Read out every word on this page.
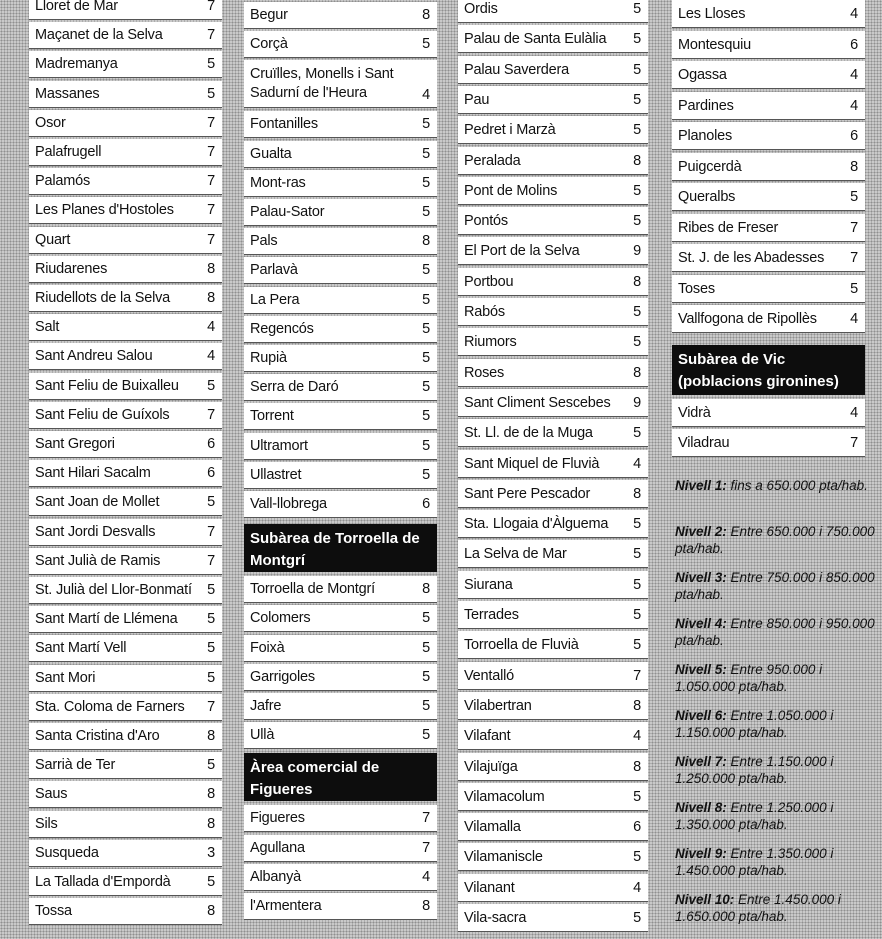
Lloret de Mar	7
Maçanet de la Selva	7
Madremanya	5
Massanes	5
Osor	7
Palafrugell	7
Palamós	7
Les Planes d'Hostoles 7
Quart	7
Riudarenes	8
Riudellots de la Selva	8
Salt	4
Sant Andreu Salou	4
Sant Feliu de Buixalleu 5
Sant Feliu de Guíxols	7
Sant Gregori	6
Sant Hilari Sacalm	6
Sant Joan de Mollet	5
Sant Jordi Desvalls	7
Sant Julià de Ramis	7
St. Julià del Llor-Bonmatí 5
Sant Martí de Llémena 5
Sant Martí Vell	5
Sant Mori	5
Sta. Coloma de Farners 7
Santa Cristina d'Aro	8
Sarrià de Ter	5
Saus	8
Sils	8
Susqueda	3
La Tallada d'Empordà	5
Tossa	8
Begur	8
Corçà	5
Cruïlles, Monells i Sant
Sadurní de l'Heura	4
Fontanilles	5
Gualta	5
Mont-ras	5
Palau-Sator	5
Pals	8
Parlavà	5
La Pera	5
Regencós	5
Rupià	5
Serra de Daró	5
Torrent	5
Ultramort	5
Ullastret	5
Vall-llobrega	6
Subàrea de Torroella de
Montgrí
Torroella de Montgrí	8
Colomers	5
Foixà	5
Garrigoles	5
Jafre	5
Ullà	5
Àrea comercial de
Figueres
Figueres	7
Agullana	7
Albanyà	4
l'Armentera	8
Ordis	5
Palau de Santa Eulàlia 5
Palau Saverdera	5
Pau	5
Pedret i Marzà	5
Peralada	8
Pont de Molins	5
Pontós	5
El Port de la Selva	9
Portbou	8
Rabós	5
Riumors	5
Roses	8
Sant Climent Sescebes 9
St. Ll. de de la Muga	5
Sant Miquel de Fluvià 4
Sant Pere Pescador	8
Sta. Llogaia d'Àlguema 5
La Selva de Mar	5
Siurana	5
Terrades	5
Torroella de Fluvià	5
Ventalló	7
Vilabertran	8
Vilafant	4
Vilajuïga	8
Vilamacolum	5
Vilamalla	6
Vilamaniscle	5
Vilanant	4
Vila-sacra	5
Les Lloses	4
Montesquiu	6
Ogassa	4
Pardines	4
Planoles	6
Puigcerdà	8
Queralbs	5
Ribes de Freser	7
St. J. de les Abadesses 7
Toses	5
Vallfogona de Ripollès 4
Subàrea de Vic
(poblacions gironines)
Vidrà	4
Viladrau	7
Nivell 1: fins a 650.000 pta/hab.
Nivell 2: Entre 650.000 i 750.000 pta/hab.
Nivell 3: Entre 750.000 i 850.000 pta/hab.
Nivell 4: Entre 850.000 i 950.000 pta/hab.
Nivell 5: Entre 950.000 i 1.050.000 pta/hab.
Nivell 6: Entre 1.050.000 i 1.150.000 pta/hab.
Nivell 7: Entre 1.150.000 i 1.250.000 pta/hab.
Nivell 8: Entre 1.250.000 i 1.350.000 pta/hab.
Nivell 9: Entre 1.350.000 i 1.450.000 pta/hab.
Nivell 10: Entre 1.450.000 i 1.650.000 pta/hab.
